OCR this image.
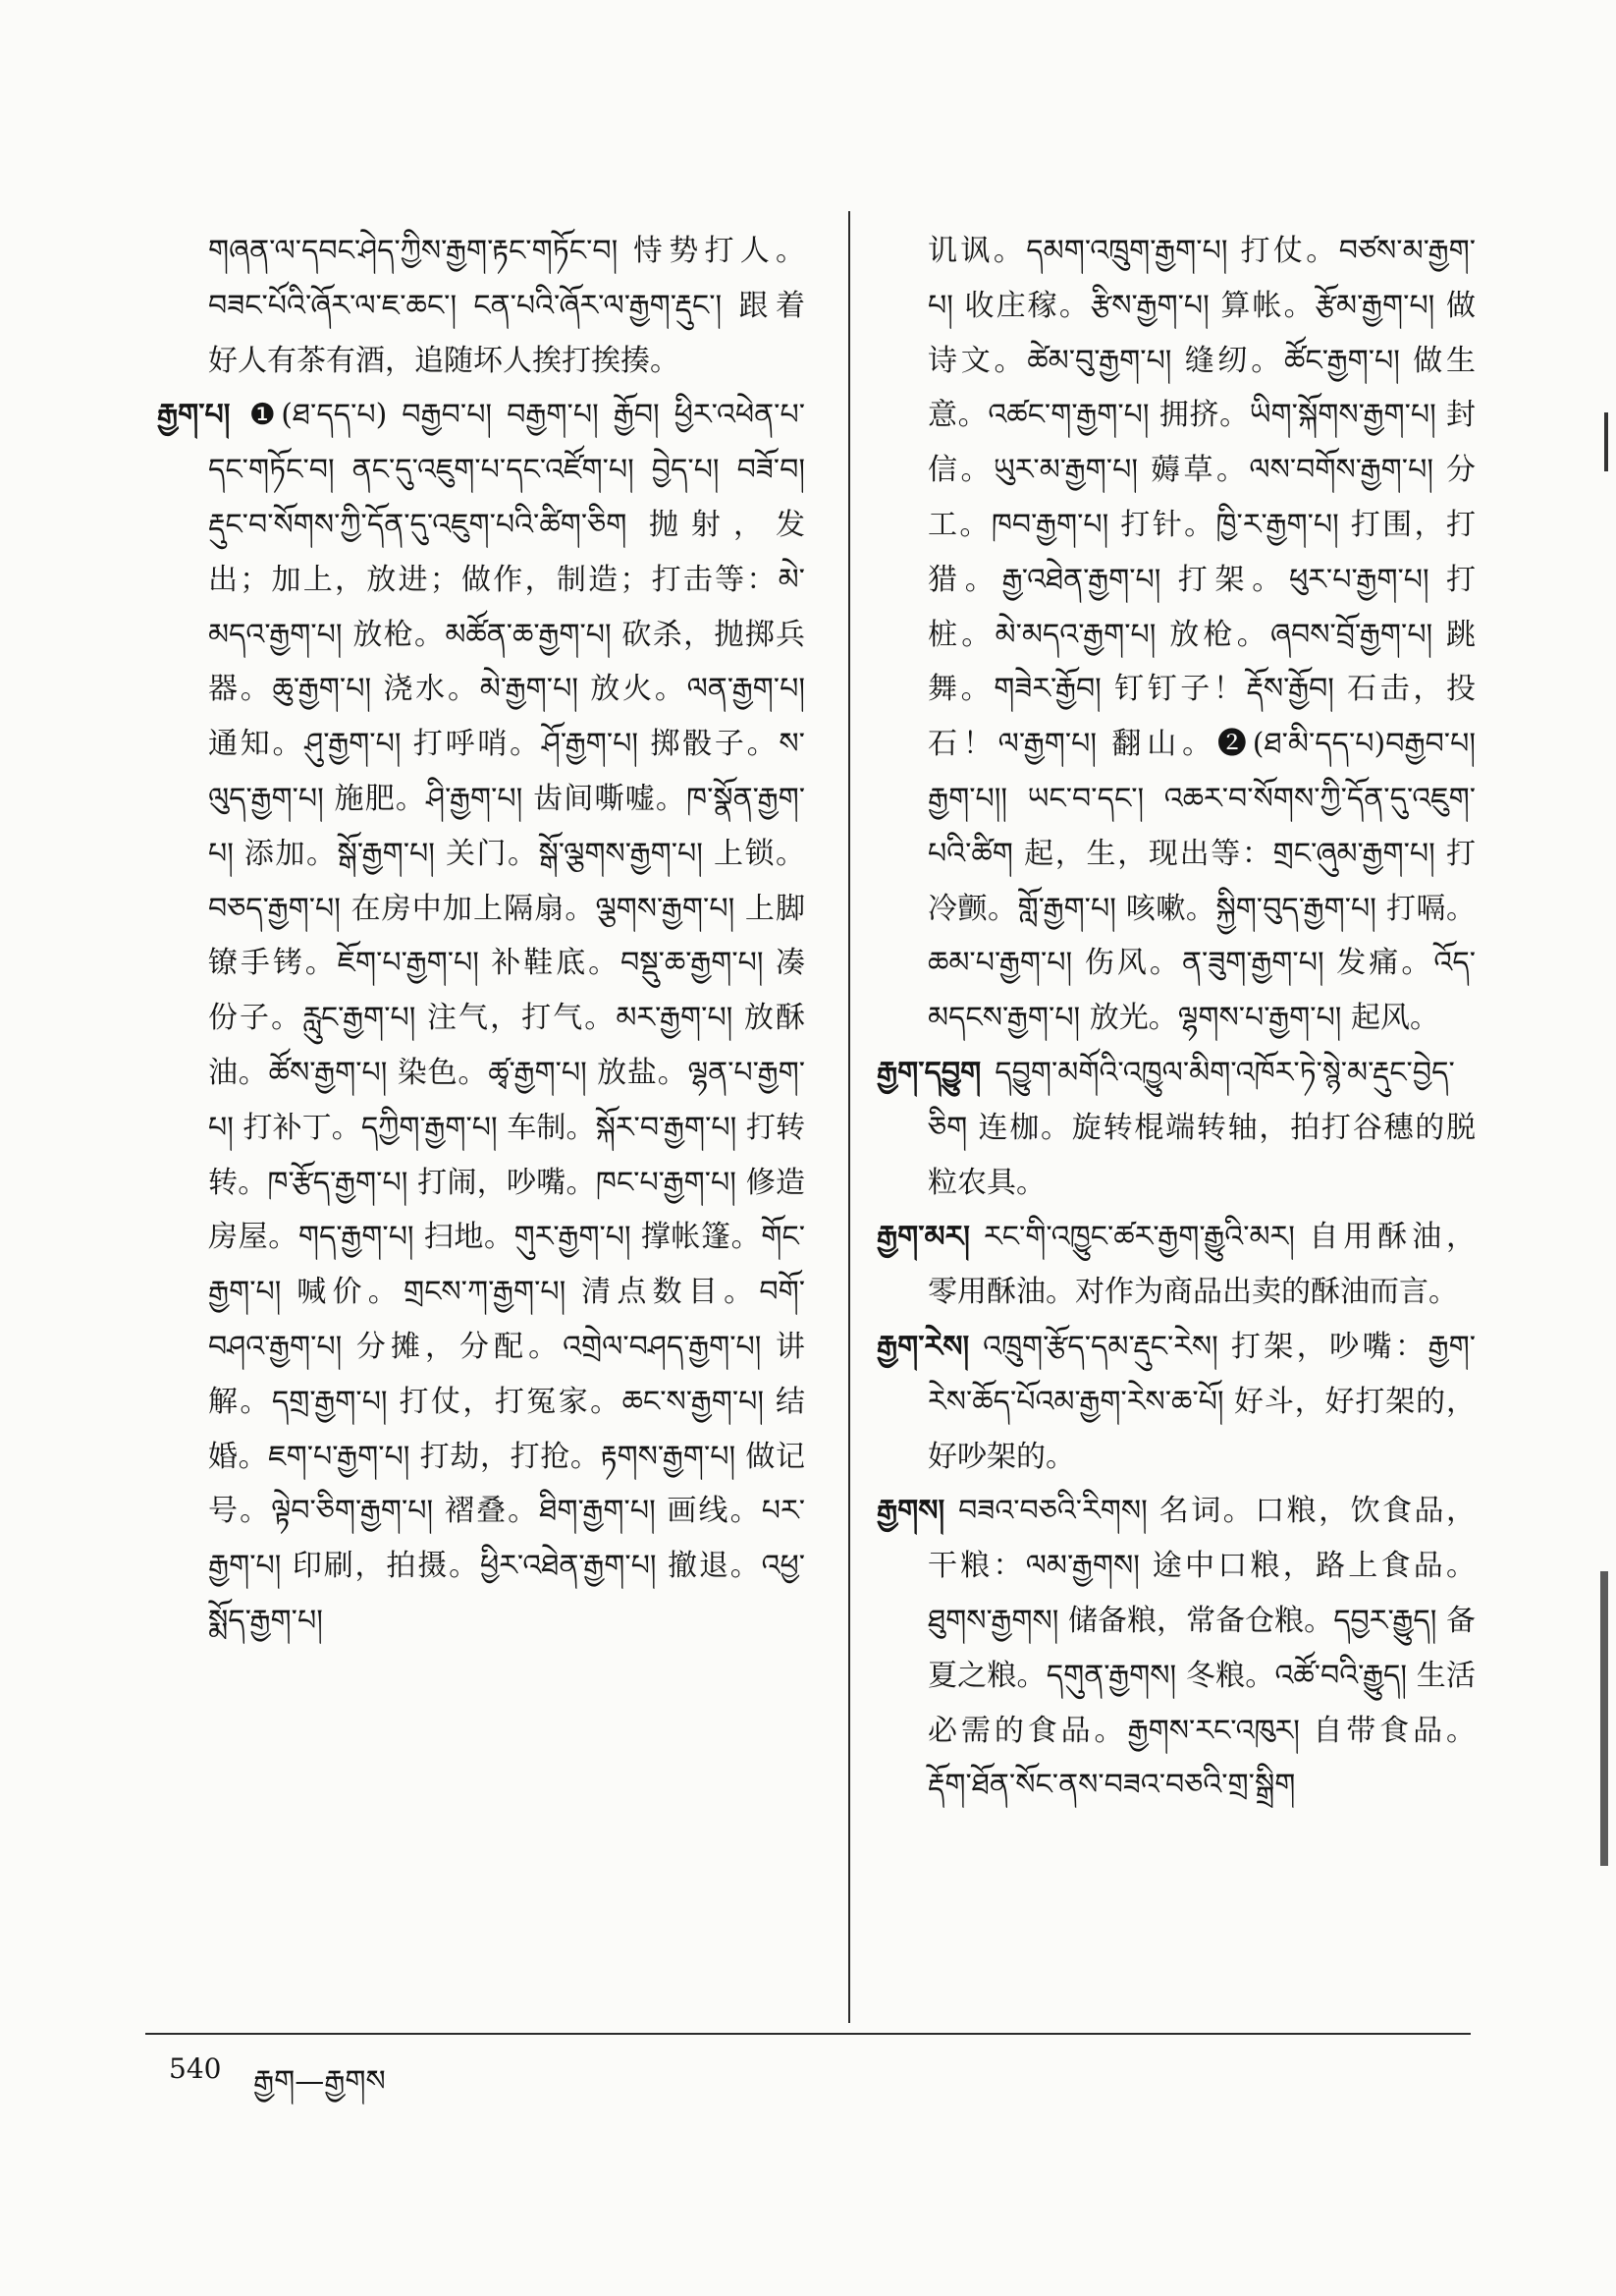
གཞན་ལ་དབང་ཤེད་ཀྱིས་རྒྱག་རྟང་གཏོང་བ། 恃势打人。བཟང་པོའི་ཞོར་ལ་ཇ་ཆང་། ངན་པའི་ཞོར་ལ་རྒྱག་རྡུང་། 跟着好人有茶有酒，追随坏人挨打挨揍。

རྒྱག་པ། ❶(ཐ་དད་པ) བརྒྱབ་པ། བརྒྱག་པ། རྒྱོབ། ཕྱིར་འཕེན་པ་དང་གཏོང་བ། ནང་དུ་འཇུག་པ་དང་འཛོག་པ། བྱེད་པ། བཟོ་བ། རྡུང་བ་སོགས་ཀྱི་དོན་དུ་འཇུག་པའི་ཚིག་ཅིག 抛射，发出；加上，放进；做作，制造；打击等：མེ་མདའ་རྒྱག་པ། 放枪。མཚོན་ཆ་རྒྱག་པ། 砍杀，抛掷兵器。ཆུ་རྒྱག་པ། 浇水。མེ་རྒྱག་པ། 放火。ལན་རྒྱག་པ། 通知。ཤུ་རྒྱག་པ། 打呼哨。ཤོ་རྒྱག་པ། 掷骰子。ས་ལུད་རྒྱག་པ། 施肥。ཤི་རྒྱག་པ། 齿间嘶嘘。ཁ་སྣོན་རྒྱག་པ། 添加。སྒོ་རྒྱག་པ། 关门。སྒོ་ལྕགས་རྒྱག་པ། 上锁。བཅད་རྒྱག་པ། 在房中加上隔扇。ལྕགས་རྒྱག་པ། 上脚镣手铐。ཇོག་པ་རྒྱག་པ། 补鞋底。བསྡུ་ཆ་རྒྱག་པ། 凑份子。རླུང་རྒྱག་པ། 注气，打气。མར་རྒྱག་པ། 放酥油。ཚོས་རྒྱག་པ། 染色。ཚྭ་རྒྱག་པ། 放盐。ལྷན་པ་རྒྱག་པ། 打补丁。དཀྱིག་རྒྱག་པ། 车制。སྐོར་བ་རྒྱག་པ། 打转转。ཁ་རྩོད་རྒྱག་པ། 打闹，吵嘴。ཁང་པ་རྒྱག་པ། 修造房屋。གད་རྒྱག་པ། 扫地。གུར་རྒྱག་པ། 撑帐篷。གོང་རྒྱག་པ། 喊价。གྲངས་ཀ་རྒྱག་པ། 清点数目。བགོ་བཤའ་རྒྱག་པ། 分摊，分配。འགྲེལ་བཤད་རྒྱག་པ། 讲解。དགྲ་རྒྱག་པ། 打仗，打冤家。ཆང་ས་རྒྱག་པ། 结婚。ཇག་པ་རྒྱག་པ། 打劫，打抢。རྟགས་རྒྱག་པ། 做记号。ལྟེབ་ཅིག་རྒྱག་པ། 褶叠。ཐིག་རྒྱག་པ། 画线。པར་རྒྱག་པ། 印刷，拍摄。ཕྱིར་འཐེན་རྒྱག་པ། 撤退。འཕྱ་སྨོད་རྒྱག་པ།

讥讽。དམག་འཁྲུག་རྒྱག་པ། 打仗。བཙས་མ་རྒྱག་པ། 收庄稼。རྩིས་རྒྱག་པ། 算帐。རྩོམ་རྒྱག་པ། 做诗文。ཚེམ་བུ་རྒྱག་པ། 缝纫。ཚོང་རྒྱག་པ། 做生意。འཚང་ག་རྒྱག་པ། 拥挤。ཡིག་སྐོགས་རྒྱག་པ། 封信。ཡུར་མ་རྒྱག་པ། 薅草。ལས་བགོས་རྒྱག་པ། 分工。ཁབ་རྒྱག་པ། 打针。ཁྱི་ར་རྒྱག་པ། 打围，打猎。རྒྱ་འཐེན་རྒྱག་པ། 打架。ཕུར་པ་རྒྱག་པ། 打桩。མེ་མདའ་རྒྱག་པ། 放枪。ཞབས་བྲོ་རྒྱག་པ། 跳舞。གཟེར་རྒྱོབ། 钉钉子！རྡོས་རྒྱོབ། 石击，投石！ལ་རྒྱག་པ། 翻山。❷(ཐ་མི་དད་པ)བརྒྱབ་པ། རྒྱག་པ།། ཡང་བ་དང་། འཆར་བ་སོགས་ཀྱི་དོན་དུ་འཇུག་པའི་ཚིག 起，生，现出等：གྲང་ཞུམ་རྒྱག་པ། 打冷颤。གློ་རྒྱག་པ། 咳嗽。སྐྱིག་བུད་རྒྱག་པ། 打嗝。ཆམ་པ་རྒྱག་པ། 伤风。ན་ཟུག་རྒྱག་པ། 发痛。འོད་མདངས་རྒྱག་པ། 放光。ལྷགས་པ་རྒྱག་པ། 起风。

རྒྱག་དབྱུག དབྱུག་མགོའི་འཁྱུལ་མིག་འཁོར་ཏེ་སྙེ་མ་རྡུང་བྱེད་ཅིག 连枷。旋转棍端转轴，拍打谷穗的脱粒农具。

རྒྱག་མར། རང་གི་འཁྱུང་ཚར་རྒྱག་རྒྱུའི་མར། 自用酥油，零用酥油。对作为商品出卖的酥油而言。

རྒྱག་རེས། འཁྲུག་རྩོད་དམ་རྡུང་རེས། 打架，吵嘴：རྒྱག་རེས་ཆོད་པོའམ་རྒྱག་རེས་ཆ་པོ། 好斗，好打架的，好吵架的。

རྒྱགས། བཟའ་བཅའི་རིགས། 名词。口粮，饮食品，干粮：ལམ་རྒྱགས། 途中口粮，路上食品。ཐུགས་རྒྱགས། 储备粮，常备仓粮。དབྱར་རྒྱུད། 备夏之粮。དགུན་རྒྱགས། 冬粮。འཚོ་བའི་རྒྱུད། 生活必需的食品。རྒྱགས་རང་འཁུར། 自带食品。རྡོག་ཐོན་སོང་ནས་བཟའ་བཅའི་གྲ་སྒྲིག

540 རྒྱག—རྒྱགས
